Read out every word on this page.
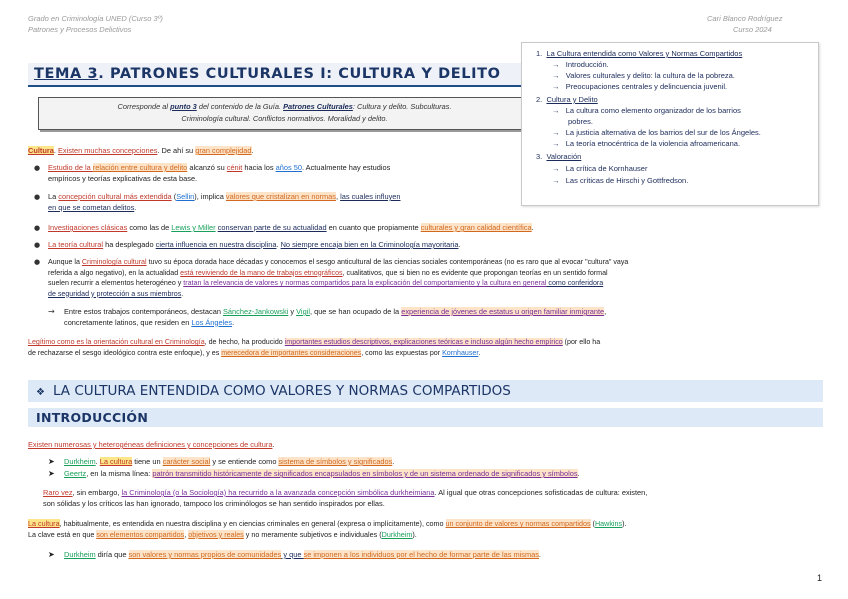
Grado en Criminología UNED (Curso 3º)
Patrones y Procesos Delictivos
Cari Blanco Rodríguez
Curso 2024
TEMA 3. PATRONES CULTURALES I: CULTURA Y DELITO
1. La Cultura entendida como Valores y Normas Compartidos
→ Introducción.
→ Valores culturales y delito: la cultura de la pobreza.
→ Preocupaciones centrales y delincuencia juvenil.
2. Cultura y Delito
→ La cultura como elemento organizador de los barrios
pobres.
→ La justicia alternativa de los barrios del sur de los Ángeles.
→ La teoría etnocéntrica de la violencia afroamericana.
3. Valoración
→ La crítica de Kornhauser
→ Las críticas de Hirschi y Gottfredson.
Corresponde al punto 3 del contenido de la Guía. Patrones Culturales: Cultura y delito. Subculturas.
Criminología cultural. Conflictos normativos. Moralidad y delito.
Cultura. Existen muchas concepciones. De ahí su gran complejidad.
● Estudio de la relación entre cultura y delito alcanzó su cénit hacia los años 50. Actualmente hay estudios
empíricos y teorías explicativas de esta base.
● La concepción cultural más extendida (Sellin), implica valores que cristalizan en normas, las cuales influyen
en que se cometan delitos.
● Investigaciones clásicas como las de Lewis y Miller conservan parte de su actualidad en cuanto que propiamente culturales y gran calidad científica.
● La teoría cultural ha desplegado cierta influencia en nuestra disciplina. No siempre encaja bien en la Criminología mayoritaria.
● Aunque la Criminología cultural tuvo su época dorada hace décadas y conocemos el sesgo anticultural de las ciencias sociales contemporáneas (no es raro que al evocar "cultura" vaya
referida a algo negativo), en la actualidad está reviviendo de la mano de trabajos etnográficos, cualitativos, que si bien no es evidente que propongan teorías en un sentido formal
suelen recurrir a elementos heterogéneo y tratan la relevancia de valores y normas compartidos para la explicación del comportamiento y la cultura en general como conferidora
de seguridad y protección a sus miembros.
→ Entre estos trabajos contemporáneos, destacan Sánchez-Jankowski y Vigil, que se han ocupado de la experiencia de jóvenes de estatus u origen familiar inmigrante,
concretamente latinos, que residen en Los Ángeles.
Legítimo como es la orientación cultural en Criminología, de hecho, ha producido importantes estudios descriptivos, explicaciones teóricas e incluso algún hecho empírico (por ello ha
de rechazarse el sesgo ideológico contra este enfoque), y es merecedora de importantes consideraciones, como las expuestas por Kornhauser.
❖ LA CULTURA ENTENDIDA COMO VALORES Y NORMAS COMPARTIDOS
INTRODUCCIÓN
Existen numerosas y heterogéneas definiciones y concepciones de cultura.
➤ Durkheim. La cultura tiene un carácter social y se entiende como sistema de símbolos y significados.
➤ Geertz, en la misma línea: patrón transmitido históricamente de significados encapsulados en símbolos y de un sistema ordenado de significados y símbolos.
Raro vez, sin embargo, la Criminología (o la Sociología) ha recurrido a la avanzada concepción simbólica durkheimiana. Al igual que otras concepciones sofisticadas de cultura: existen,
son sólidas y los críticos las han ignorado, tampoco los criminólogos se han sentido inspirados por ellas.
La cultura, habitualmente, es entendida en nuestra disciplina y en ciencias criminales en general (expresa o implícitamente), como un conjunto de valores y normas compartidos (Hawkins).
La clave está en que son elementos compartidos, objetivos y reales y no meramente subjetivos e individuales (Durkheim).
➤ Durkheim diría que son valores y normas propios de comunidades y que se imponen a los individuos por el hecho de formar parte de las mismas.
1
